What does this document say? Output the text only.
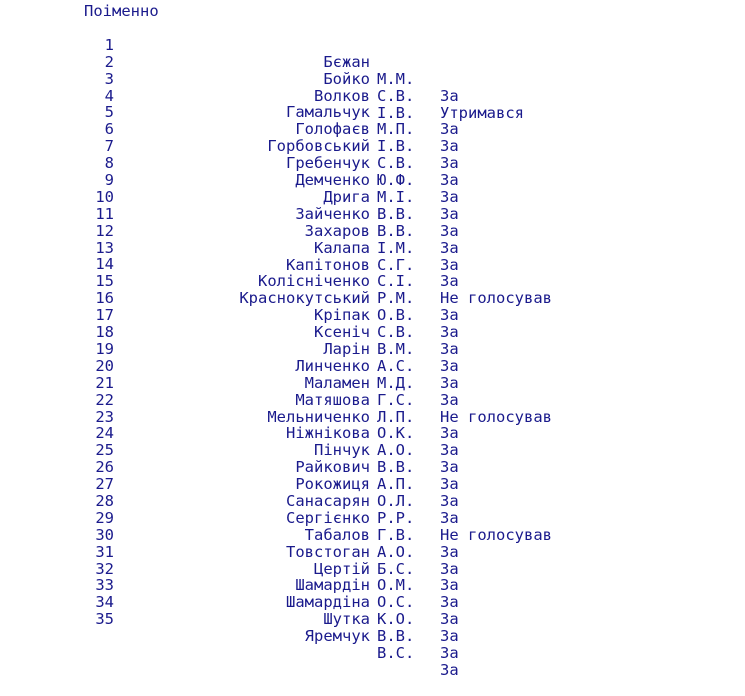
Поіменно

1

Бєжан

М.М.

За

2

Бойко

С.В.

Утримався

3

Волков

І.В.

За

4

Гамальчук

М.П.

За

5

Голофаєв

І.В.

За

6

Горбовський

С.В.

За

7

Гребенчук

Ю.Ф.

За

8

Демченко

М.І.

За

9

Дрига

В.В.

За

10

Зайченко

В.В.

За

11

Захаров

І.М.

За

12

Калапа

С.Г.

За

13

Капітонов

С.І.

Не голосував

14

Колісніченко

Р.М.

За

15

Краснокутський

О.В.

За

16

Кріпак

С.В.

За

17

Ксеніч

В.М.

За

18

Ларін

А.С.

За

19

Линченко

М.Д.

За

20

Маламен

Г.С.

Не голосував

21

Матяшова

Л.П.

За

22

Мельниченко

О.К.

За

23

Ніжнікова

А.О.

За

24

Пінчук

В.В.

За

25

Райкович

А.П.

За

26

Рокожиця

О.Л.

За

27

Санасарян

Р.Р.

Не голосував

28

Сергієнко

Г.В.

За

29

Табалов

А.О.

За

30

Товстоган

Б.С.

За

31

Цертій

О.М.

За

32

Шамардін

О.С.

За

33

Шамардіна

К.О.

За

34

Шутка

В.В.

За

35

Яремчук

В.С.

За
